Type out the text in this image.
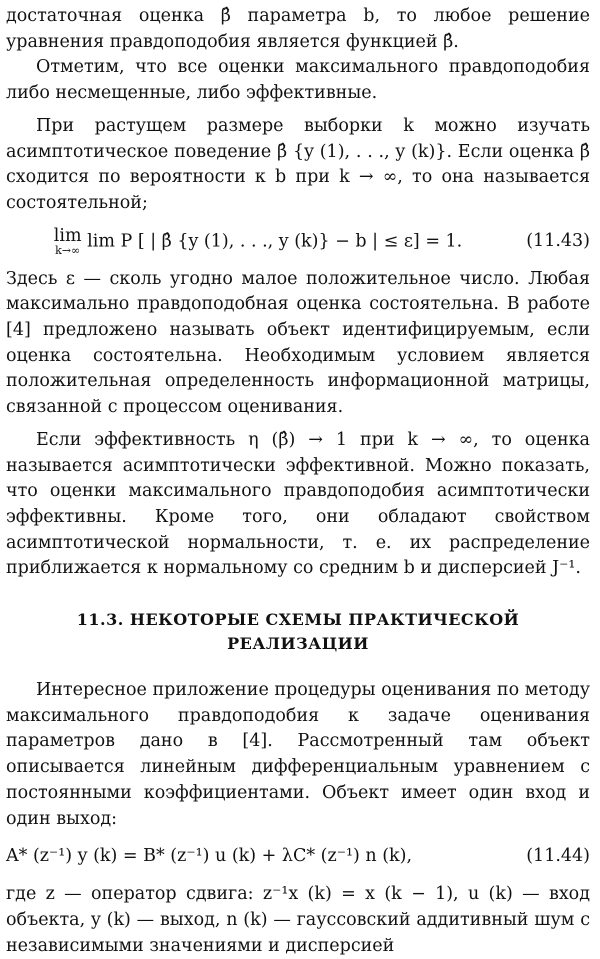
достаточная оценка β̂ параметра b, то любое решение уравнения правдоподобия является функцией β̂.

Отметим, что все оценки максимального правдоподобия либо несмещенные, либо эффективные.

При растущем размере выборки k можно изучать асимптотическое поведение β̂ {y (1), . . ., y (k)}. Если оценка β̂ сходится по вероятности к b при k → ∞, то она называется состоятельной;

lim
k→∞ lim P [ | β̂ {y (1), . . ., y (k)} − b | ≤ ε] = 1.	(11.43)

Здесь ε — сколь угодно малое положительное число. Любая максимально правдоподобная оценка состоятельна. В работе [4] предложено называть объект идентифицируемым, если оценка состоятельна. Необходимым условием является положительная определенность информационной матрицы, связанной с процессом оценивания.

Если эффективность η (β̂) → 1 при k → ∞, то оценка называется асимптотически эффективной. Можно показать, что оценки максимального правдоподобия асимптотически эффективны. Кроме того, они обладают свойством асимптотической нормальности, т. е. их распределение приближается к нормальному со средним b и дисперсией J⁻¹.

11.3. НЕКОТОРЫЕ СХЕМЫ ПРАКТИЧЕСКОЙ
РЕАЛИЗАЦИИ

Интересное приложение процедуры оценивания по методу максимального правдоподобия к задаче оценивания параметров дано в [4]. Рассмотренный там объект описывается линейным дифференциальным уравнением с постоянными коэффициентами. Объект имеет один вход и один выход:

A* (z⁻¹) y (k) = B* (z⁻¹) u (k) + λC* (z⁻¹) n (k),	(11.44)

где z — оператор сдвига: z⁻¹x (k) = x (k − 1), u (k) — вход объекта, y (k) — выход, n (k) — гауссовский аддитивный шум с независимыми значениями и дисперсией
